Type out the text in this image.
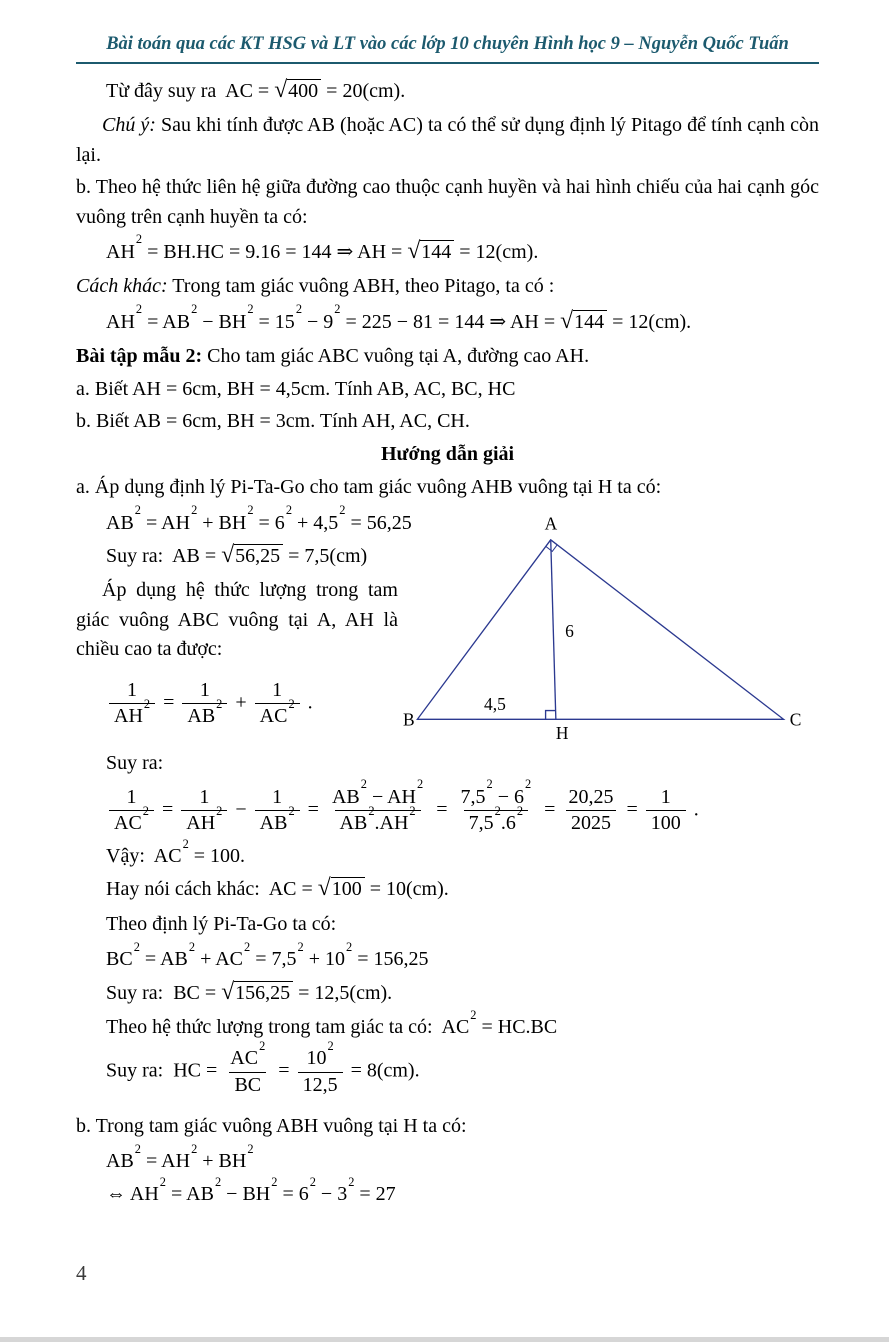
Bài toán qua các KT HSG và LT vào các lớp 10 chuyên Hình học 9 – Nguyễn Quốc Tuấn
Từ đây suy ra  AC = √400 = 20(cm).

Chú ý: Sau khi tính được AB (hoặc AC) ta có thể sử dụng định lý Pitago để tính cạnh còn lại.

b. Theo hệ thức liên hệ giữa đường cao thuộc cạnh huyền và hai hình chiếu của hai cạnh góc vuông trên cạnh huyền ta có:

$AH^2 = BH.HC = 9.16 = 144$ ⇒ AH = √144 = 12(cm).

Cách khác: Trong tam giác vuông ABH, theo Pitago, ta có :

$AH^2 = AB^2 - BH^2 = 15^2 - 9^2 = 225 - 81 = 144$ ⇒ AH = √144 = 12(cm).

Bài tập mẫu 2: Cho tam giác ABC vuông tại A, đường cao AH.

a. Biết AH = 6cm, BH = 4,5cm. Tính AB, AC, BC, HC

b. Biết AB = 6cm, BH = 3cm. Tính AH, AC, CH.

Hướng dẫn giải

a. Áp dụng định lý Pi-Ta-Go cho tam giác vuông AHB vuông tại H ta có:

$AB^2 = AH^2 + BH^2 = 6^2 + 4,5^2 = 56,25$
Suy ra:  AB = √56,25 = 7,5(cm)

Áp dụng hệ thức lượng trong tam giác vuông ABC vuông tại A, AH là chiều cao ta được:

$\frac{1}{AH^2} = \frac{1}{AB^2} + \frac{1}{AC^2}$ .
A
B	C
H
6
4,5

Suy ra:

$\frac{1}{AC^2} = \frac{1}{AH^2} - \frac{1}{AB^2} = \frac{AB^2 - AH^2}{AB^2.AH^2} = \frac{7,5^2 - 6^2}{7,5^2.6^2} = \frac{20,25}{2025} = \frac{1}{100}$ .
Vậy:  $AC^2 = 100$.
Hay nói cách khác:  AC = √100 = 10(cm).

Theo định lý Pi-Ta-Go ta có:

$BC^2 = AB^2 + AC^2 = 7,5^2 + 10^2 = 156,25$
Suy ra:  BC = √156,25 = 12,5(cm).
Theo hệ thức lượng trong tam giác ta có:  $AC^2 = HC.BC$
Suy ra:  HC = $\frac{AC^2}{BC} = \frac{10^2}{12,5} = 8(cm)$.

b. Trong tam giác vuông ABH vuông tại H ta có:

$AB^2 = AH^2 + BH^2$
⇔ $AH^2 = AB^2 - BH^2 = 6^2 - 3^2 = 27$
4
